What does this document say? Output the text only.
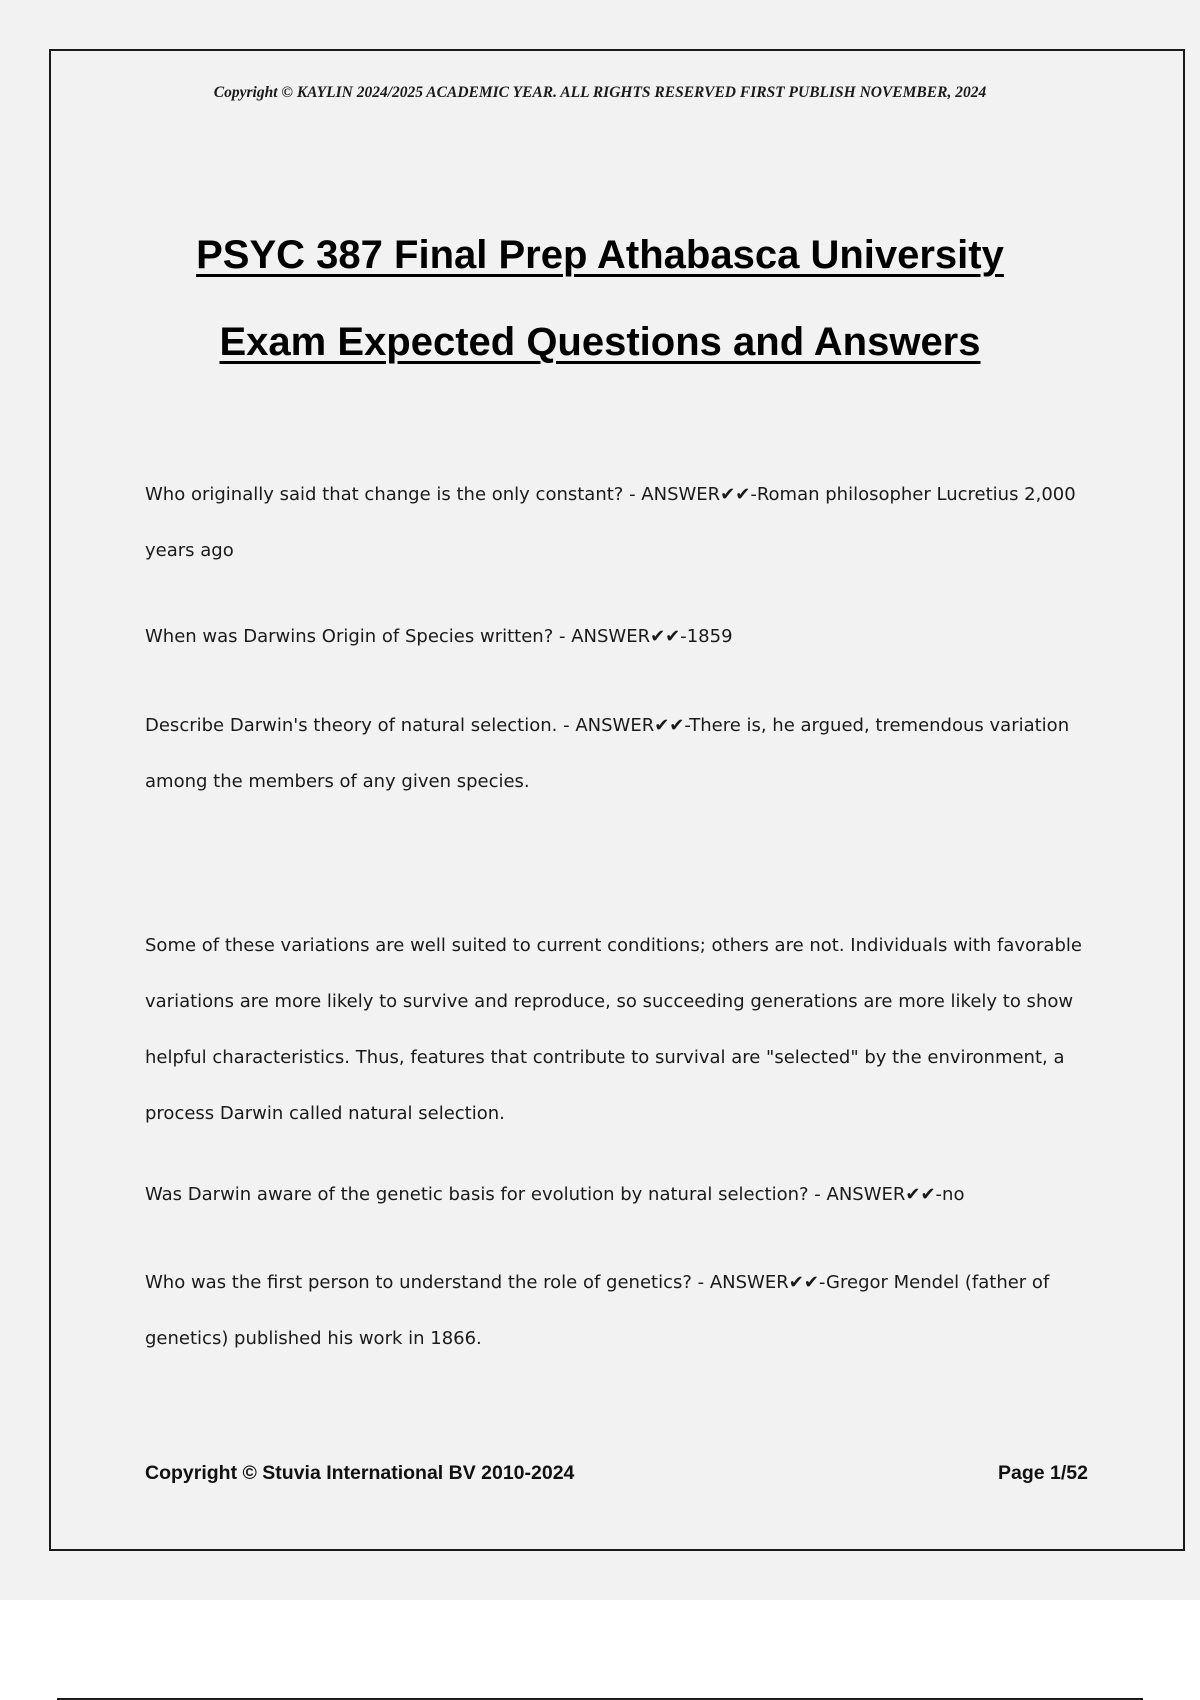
Copyright © KAYLIN 2024/2025 ACADEMIC YEAR. ALL RIGHTS RESERVED FIRST PUBLISH NOVEMBER, 2024
PSYC 387 Final Prep Athabasca University
Exam Expected Questions and Answers
Who originally said that change is the only constant? - ANSWER✔✔-Roman philosopher Lucretius 2,000 years ago
When was Darwins Origin of Species written? - ANSWER✔✔-1859
Describe Darwin's theory of natural selection. - ANSWER✔✔-There is, he argued, tremendous variation among the members of any given species.
Some of these variations are well suited to current conditions; others are not. Individuals with favorable variations are more likely to survive and reproduce, so succeeding generations are more likely to show helpful characteristics. Thus, features that contribute to survival are "selected" by the environment, a process Darwin called natural selection.
Was Darwin aware of the genetic basis for evolution by natural selection? - ANSWER✔✔-no
Who was the first person to understand the role of genetics? - ANSWER✔✔-Gregor Mendel (father of genetics) published his work in 1866.
Copyright © Stuvia International BV 2010-2024	Page 1/52
